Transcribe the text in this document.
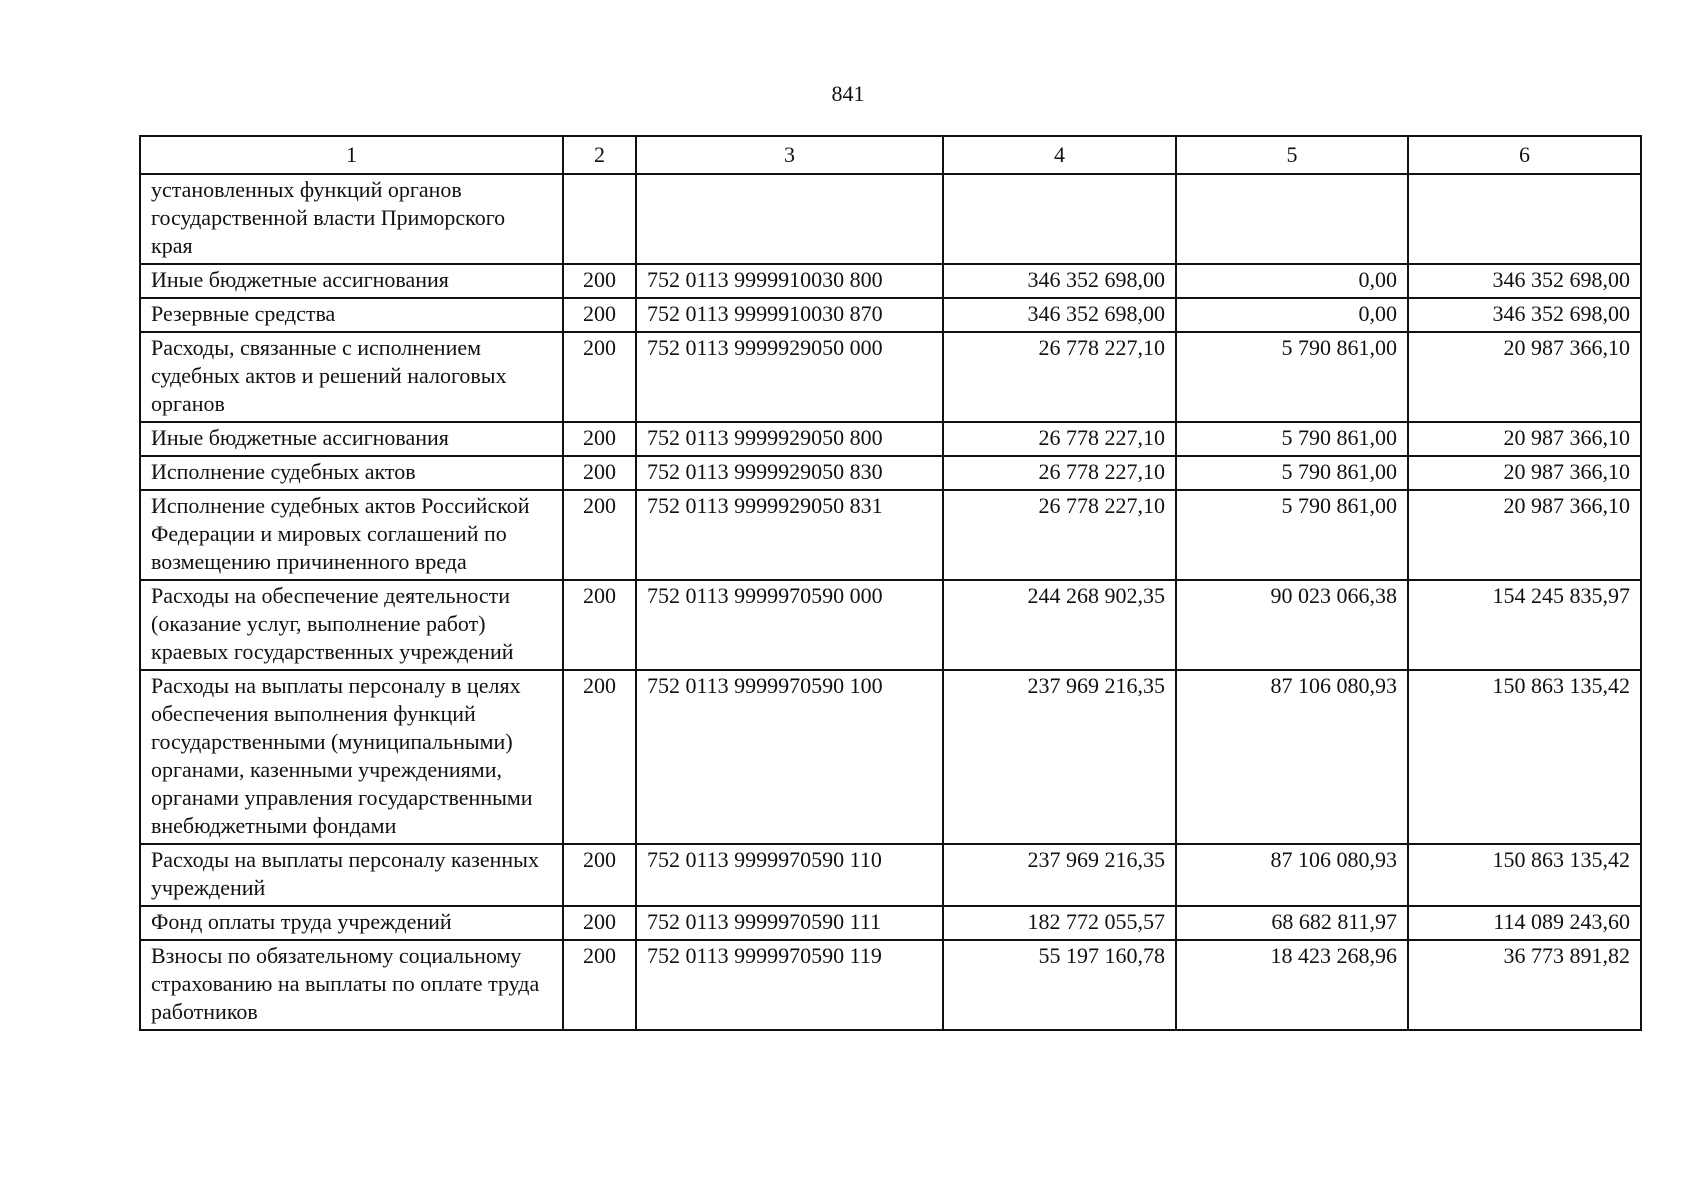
841
1	2	3	4	5	6
установленных функций органов государственной власти Приморского края					
Иные бюджетные ассигнования	200	752 0113 9999910030 800	346 352 698,00	0,00	346 352 698,00
Резервные средства	200	752 0113 9999910030 870	346 352 698,00	0,00	346 352 698,00
Расходы, связанные с исполнением судебных актов и решений налоговых органов	200	752 0113 9999929050 000	26 778 227,10	5 790 861,00	20 987 366,10
Иные бюджетные ассигнования	200	752 0113 9999929050 800	26 778 227,10	5 790 861,00	20 987 366,10
Исполнение судебных актов	200	752 0113 9999929050 830	26 778 227,10	5 790 861,00	20 987 366,10
Исполнение судебных актов Российской Федерации и мировых соглашений по возмещению причиненного вреда	200	752 0113 9999929050 831	26 778 227,10	5 790 861,00	20 987 366,10
Расходы на обеспечение деятельности (оказание услуг, выполнение работ) краевых государственных учреждений	200	752 0113 9999970590 000	244 268 902,35	90 023 066,38	154 245 835,97
Расходы на выплаты персоналу в целях обеспечения выполнения функций государственными (муниципальными) органами, казенными учреждениями, органами управления государственными внебюджетными фондами	200	752 0113 9999970590 100	237 969 216,35	87 106 080,93	150 863 135,42
Расходы на выплаты персоналу казенных учреждений	200	752 0113 9999970590 110	237 969 216,35	87 106 080,93	150 863 135,42
Фонд оплаты труда учреждений	200	752 0113 9999970590 111	182 772 055,57	68 682 811,97	114 089 243,60
Взносы по обязательному социальному страхованию на выплаты по оплате труда работников	200	752 0113 9999970590 119	55 197 160,78	18 423 268,96	36 773 891,82
